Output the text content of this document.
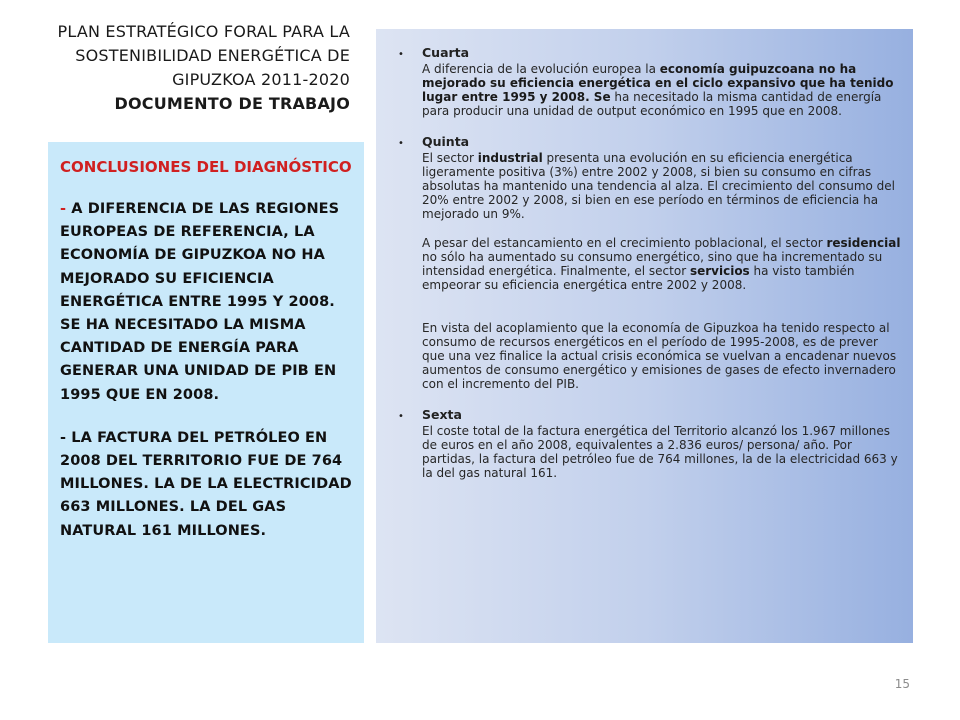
PLAN ESTRATÉGICO FORAL PARA LA SOSTENIBILIDAD ENERGÉTICA DE GIPUZKOA 2011-2020
DOCUMENTO DE TRABAJO

CONCLUSIONES DEL DIAGNÓSTICO

- A DIFERENCIA DE LAS REGIONES EUROPEAS DE REFERENCIA, LA ECONOMÍA DE GIPUZKOA NO HA MEJORADO SU EFICIENCIA ENERGÉTICA ENTRE 1995 Y 2008. SE HA NECESITADO LA MISMA CANTIDAD DE ENERGÍA PARA GENERAR UNA UNIDAD DE PIB EN 1995 QUE EN 2008.

- LA FACTURA DEL PETRÓLEO EN 2008 DEL TERRITORIO FUE DE 764 MILLONES. LA DE LA ELECTRICIDAD 663 MILLONES. LA DEL GAS NATURAL 161 MILLONES.

• Cuarta

A diferencia de la evolución europea la economía guipuzcoana no ha mejorado su eficiencia energética en el ciclo expansivo que ha tenido lugar entre 1995 y 2008. Se ha necesitado la misma cantidad de energía para producir una unidad de output económico en 1995 que en 2008.

• Quinta

El sector industrial presenta una evolución en su eficiencia energética ligeramente positiva (3%) entre 2002 y 2008, si bien su consumo en cifras absolutas ha mantenido una tendencia al alza. El crecimiento del consumo del 20% entre 2002 y 2008, si bien en ese período en términos de eficiencia ha mejorado un 9%.

A pesar del estancamiento en el crecimiento poblacional, el sector residencial no sólo ha aumentado su consumo energético, sino que ha incrementado su intensidad energética. Finalmente, el sector servicios ha visto también empeorar su eficiencia energética entre 2002 y 2008.

En vista del acoplamiento que la economía de Gipuzkoa ha tenido respecto al consumo de recursos energéticos en el período de 1995-2008, es de prever que una vez finalice la actual crisis económica se vuelvan a encadenar nuevos aumentos de consumo energético y emisiones de gases de efecto invernadero con el incremento del PIB.

• Sexta

El coste total de la factura energética del Territorio alcanzó los 1.967 millones de euros en el año 2008, equivalentes a 2.836 euros/ persona/ año. Por partidas, la factura del petróleo fue de 764 millones, la de la electricidad 663 y la del gas natural 161.

15
